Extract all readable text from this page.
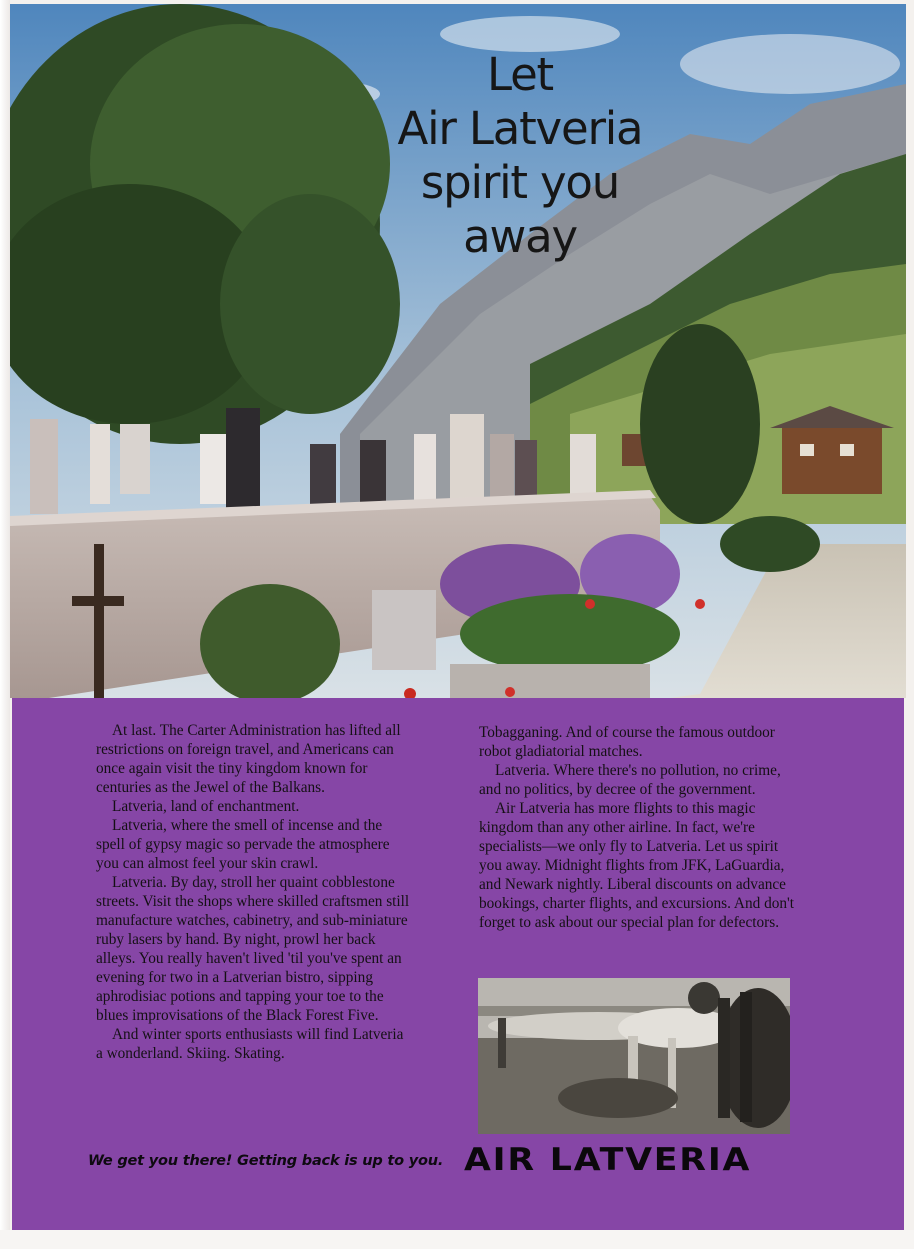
Let
Air Latveria
spirit you
away

At last. The Carter Administration has lifted all restrictions on foreign travel, and Americans can once again visit the tiny kingdom known for centuries as the Jewel of the Balkans.

Latveria, land of enchantment.

Latveria, where the smell of incense and the spell of gypsy magic so pervade the atmosphere you can almost feel your skin crawl.

Latveria. By day, stroll her quaint cobblestone streets. Visit the shops where skilled craftsmen still manufacture watches, cabinetry, and sub-miniature ruby lasers by hand. By night, prowl her back alleys. You really haven't lived 'til you've spent an evening for two in a Latverian bistro, sipping aphrodisiac potions and tapping your toe to the blues improvisations of the Black Forest Five.

And winter sports enthusiasts will find Latveria a wonderland. Skiing. Skating.

Tobagganing. And of course the famous outdoor robot gladiatorial matches.

Latveria. Where there's no pollution, no crime, and no politics, by decree of the government.

Air Latveria has more flights to this magic kingdom than any other airline. In fact, we're specialists—we only fly to Latveria. Let us spirit you away. Midnight flights from JFK, LaGuardia, and Newark nightly. Liberal discounts on advance bookings, charter flights, and excursions. And don't forget to ask about our special plan for defectors.

We get you there! Getting back is up to you. AIR LATVERIA
